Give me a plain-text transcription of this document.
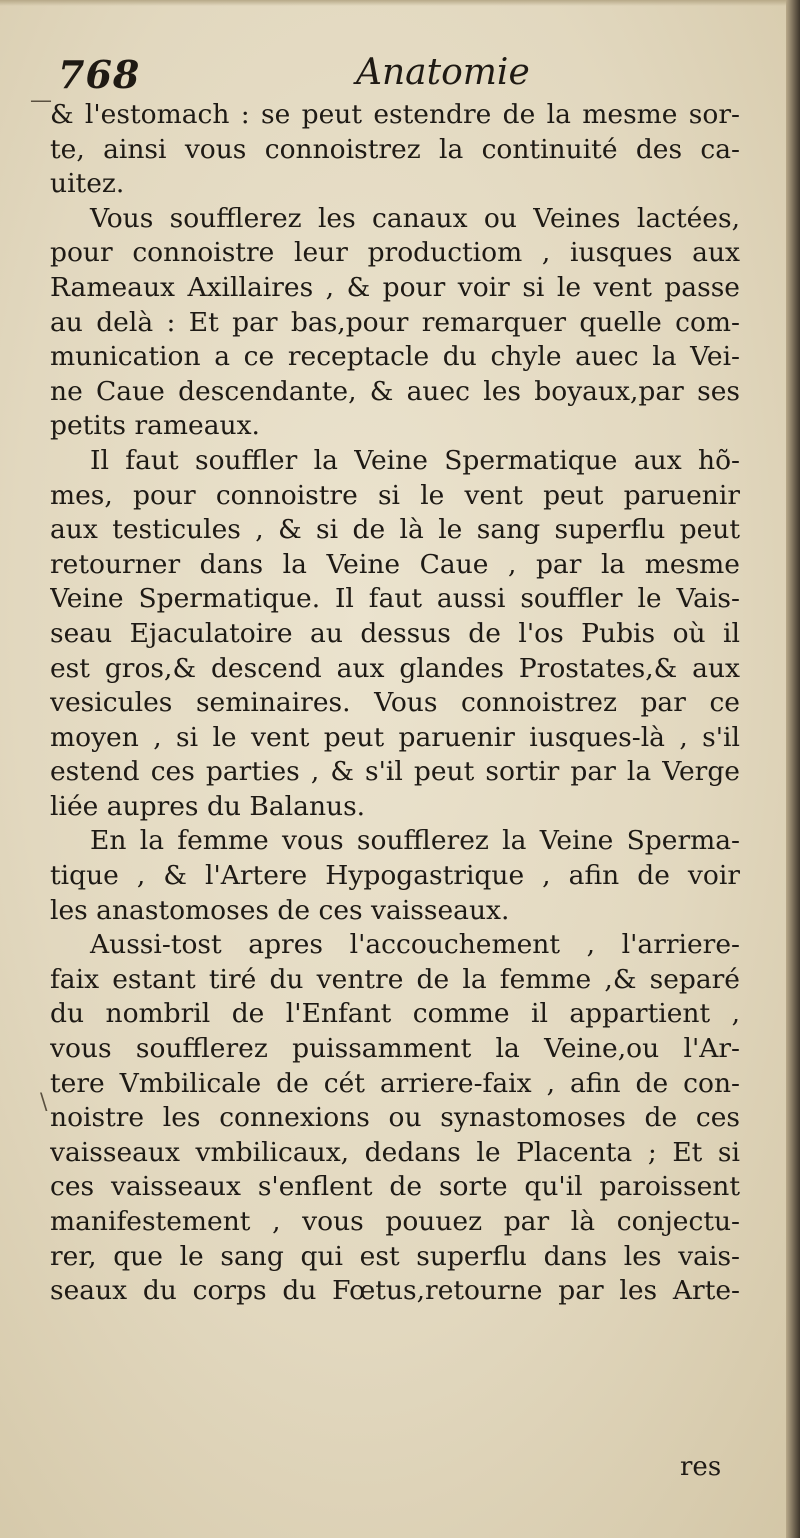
768	Anatomie
& l'estomach : se peut estendre de la mesme sor-
te, ainsi vous connoistrez la continuité des ca-
uitez.
Vous soufflerez les canaux ou Veines lactées,
pour connoistre leur productiom , iusques aux
Rameaux Axillaires , & pour voir si le vent passe
au delà : Et par bas,pour remarquer quelle com-
munication a ce receptacle du chyle auec la Vei-
ne Caue descendante, & auec les boyaux,par ses
petits rameaux.
Il faut souffler la Veine Spermatique aux hõ-
mes, pour connoistre si le vent peut paruenir
aux testicules , & si de là le sang superflu peut
retourner dans la Veine Caue , par la mesme
Veine Spermatique. Il faut aussi souffler le Vais-
seau Ejaculatoire au dessus de l'os Pubis où il
est gros,& descend aux glandes Prostates,& aux
vesicules seminaires. Vous connoistrez par ce
moyen , si le vent peut paruenir iusques-là , s'il
estend ces parties , & s'il peut sortir par la Verge
liée aupres du Balanus.
En la femme vous soufflerez la Veine Sperma-
tique , & l'Artere Hypogastrique , afin de voir
les anastomoses de ces vaisseaux.
Aussi-tost apres l'accouchement , l'arriere-
faix estant tiré du ventre de la femme ,& separé
du nombril de l'Enfant comme il appartient ,
vous soufflerez puissamment la Veine,ou l'Ar-
tere Vmbilicale de cét arriere-faix , afin de con-
noistre les connexions ou synastomoses de ces
vaisseaux vmbilicaux, dedans le Placenta ; Et si
ces vaisseaux s'enflent de sorte qu'il paroissent
manifestement , vous pouuez par là conjectu-
rer, que le sang qui est superflu dans les vais-
seaux du corps du Fœtus,retourne par les Arte-
res
—
\
